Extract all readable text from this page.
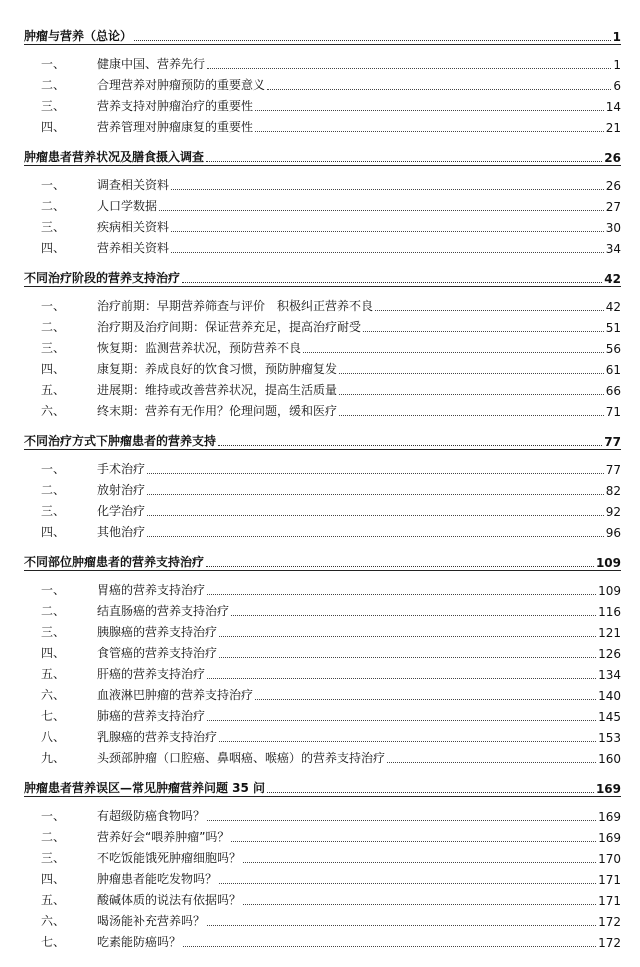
肿瘤与营养（总论）	1
一、	健康中国、营养先行	1
二、	合理营养对肿瘤预防的重要意义	6
三、	营养支持对肿瘤治疗的重要性	14
四、	营养管理对肿瘤康复的重要性	21
肿瘤患者营养状况及膳食摄入调查	26
一、	调查相关资料	26
二、	人口学数据	27
三、	疾病相关资料	30
四、	营养相关资料	34
不同治疗阶段的营养支持治疗	42
一、	治疗前期：早期营养筛查与评价　积极纠正营养不良	42
二、	治疗期及治疗间期：保证营养充足，提高治疗耐受	51
三、	恢复期：监测营养状况，预防营养不良	56
四、	康复期：养成良好的饮食习惯，预防肿瘤复发	61
五、	进展期：维持或改善营养状况，提高生活质量	66
六、	终末期：营养有无作用？伦理问题，缓和医疗	71
不同治疗方式下肿瘤患者的营养支持	77
一、	手术治疗	77
二、	放射治疗	82
三、	化学治疗	92
四、	其他治疗	96
不同部位肿瘤患者的营养支持治疗	109
一、	胃癌的营养支持治疗	109
二、	结直肠癌的营养支持治疗	116
三、	胰腺癌的营养支持治疗	121
四、	食管癌的营养支持治疗	126
五、	肝癌的营养支持治疗	134
六、	血液淋巴肿瘤的营养支持治疗	140
七、	肺癌的营养支持治疗	145
八、	乳腺癌的营养支持治疗	153
九、	头颈部肿瘤（口腔癌、鼻咽癌、喉癌）的营养支持治疗	160
肿瘤患者营养误区—常见肿瘤营养问题 35 问	169
一、	有超级防癌食物吗？	169
二、	营养好会“喂养肿瘤”吗？	169
三、	不吃饭能饿死肿瘤细胞吗？	170
四、	肿瘤患者能吃发物吗？	171
五、	酸碱体质的说法有依据吗？	171
六、	喝汤能补充营养吗？	172
七、	吃素能防癌吗？	172
